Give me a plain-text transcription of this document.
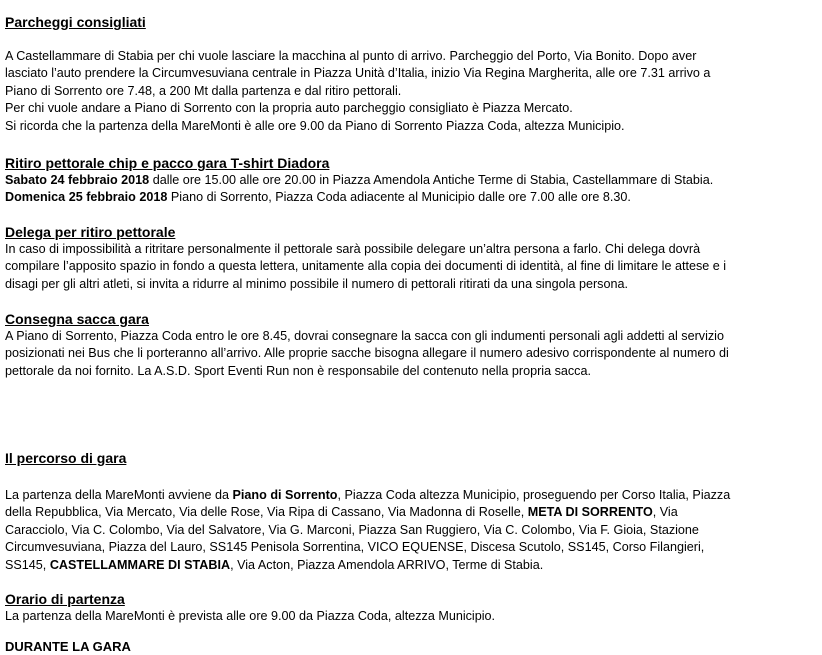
Parcheggi consigliati

A Castellammare di Stabia per chi vuole lasciare la macchina al punto di arrivo. Parcheggio del Porto, Via Bonito. Dopo aver

lasciato l’auto prendere la Circumvesuviana centrale in Piazza Unità d’Italia, inizio Via Regina Margherita, alle ore 7.31 arrivo a

Piano di Sorrento ore 7.48, a 200 Mt dalla partenza e dal ritiro pettorali.

Per chi vuole andare a Piano di Sorrento con la propria auto parcheggio consigliato è Piazza Mercato.

Si ricorda che la partenza della MareMonti è alle ore 9.00 da Piano di Sorrento Piazza Coda, altezza Municipio.

Ritiro pettorale chip e pacco gara T-shirt Diadora

Sabato 24 febbraio 2018 dalle ore 15.00 alle ore 20.00 in Piazza Amendola Antiche Terme di Stabia, Castellammare di Stabia.

Domenica 25 febbraio 2018 Piano di Sorrento, Piazza Coda adiacente al Municipio dalle ore 7.00 alle ore 8.30.

Delega per ritiro pettorale

In caso di impossibilità a ritritare personalmente il pettorale sarà possibile delegare un’altra persona a farlo. Chi delega dovrà

compilare l’apposito spazio in fondo a questa lettera, unitamente alla copia dei documenti di identità, al fine di limitare le attese e i

disagi per gli altri atleti, si invita a ridurre al minimo possibile il numero di pettorali ritirati da una singola persona.

Consegna sacca gara

A Piano di Sorrento, Piazza Coda entro le ore 8.45, dovrai consegnare la sacca con gli indumenti personali agli addetti al servizio

posizionati nei Bus che li porteranno all’arrivo. Alle proprie sacche bisogna allegare il numero adesivo corrispondente al numero di

pettorale da noi fornito. La A.S.D. Sport Eventi Run non è responsabile del contenuto nella propria sacca.

Il percorso di gara

La partenza della MareMonti avviene da Piano di Sorrento, Piazza Coda altezza Municipio, proseguendo per Corso Italia, Piazza

della Repubblica, Via Mercato, Via delle Rose, Via Ripa di Cassano, Via Madonna di Roselle, META DI SORRENTO, Via

Caracciolo, Via C. Colombo, Via del Salvatore, Via G. Marconi, Piazza San Ruggiero, Via C. Colombo, Via F. Gioia, Stazione

Circumvesuviana, Piazza del Lauro, SS145 Penisola Sorrentina, VICO EQUENSE, Discesa Scutolo, SS145, Corso Filangieri,

SS145, CASTELLAMMARE DI STABIA, Via Acton, Piazza Amendola ARRIVO, Terme di Stabia.

Orario di partenza

La partenza della MareMonti è prevista alle ore 9.00 da Piazza Coda, altezza Municipio.

DURANTE LA GARA
